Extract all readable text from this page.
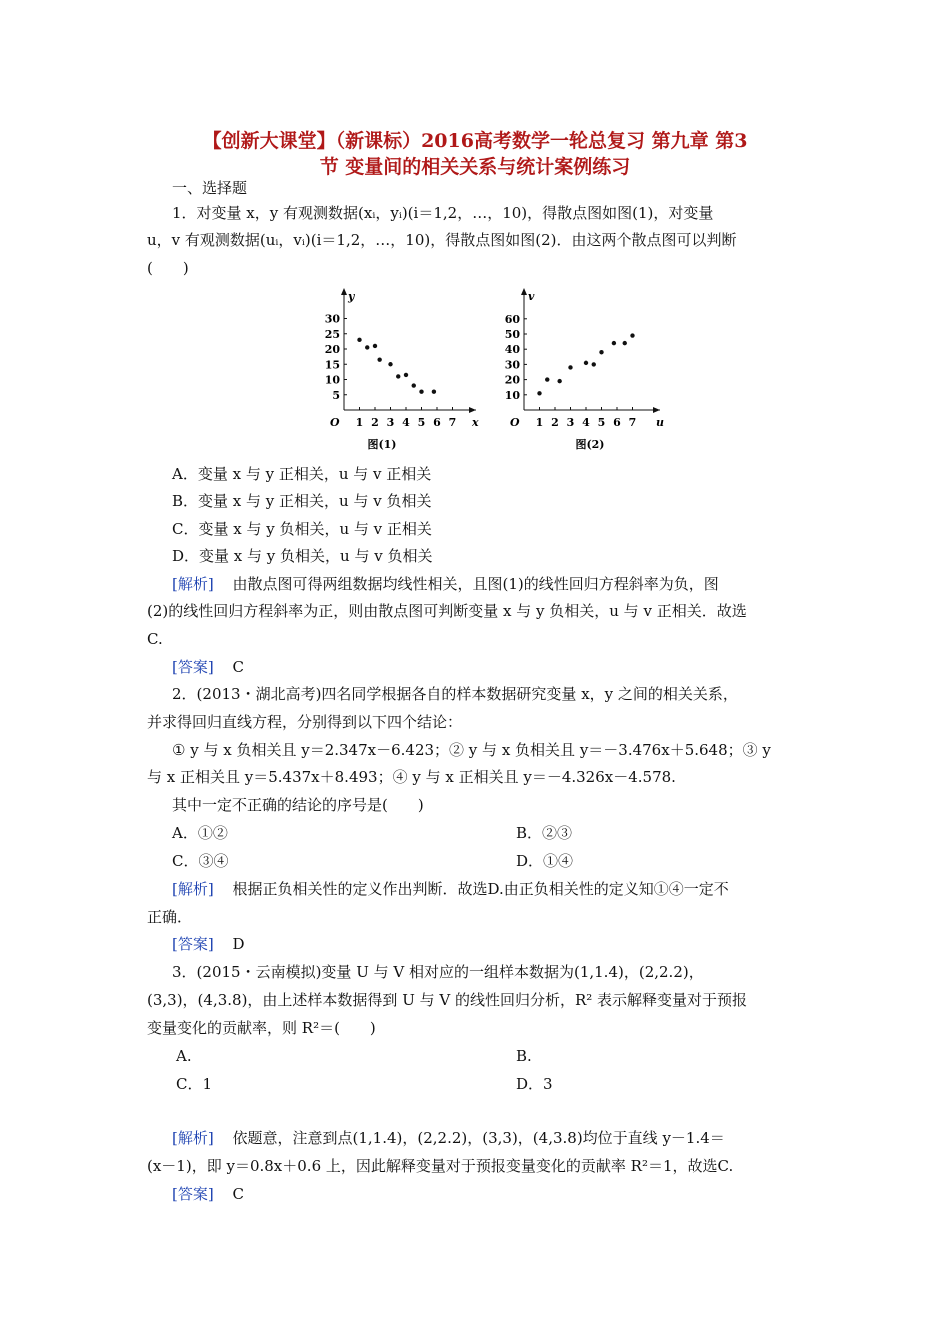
【创新大课堂】（新课标）2016高考数学一轮总复习 第九章 第3
节 变量间的相关关系与统计案例练习
一、选择题
1．对变量 x，y 有观测数据(xᵢ，yᵢ)(i＝1,2，…，10)，得散点图如图(1)，对变量
u，v 有观测数据(uᵢ，vᵢ)(i＝1,2，…，10)，得散点图如图(2)．由这两个散点图可以判断
(　　)
y
x
O 1 2 3 4 5 6 7
5
10
15
20
25
30
图(1)
v
u
O 1 2 3 4 5 6 7
10
20
30
40
50
60
图(2)
A．变量 x 与 y 正相关，u 与 v 正相关
B．变量 x 与 y 正相关，u 与 v 负相关
C．变量 x 与 y 负相关，u 与 v 正相关
D．变量 x 与 y 负相关，u 与 v 负相关
[解析] 由散点图可得两组数据均线性相关，且图(1)的线性回归方程斜率为负，图
(2)的线性回归方程斜率为正，则由散点图可判断变量 x 与 y 负相关，u 与 v 正相关．故选
C.
[答案] C
2．(2013・湖北高考)四名同学根据各自的样本数据研究变量 x，y 之间的相关关系，
并求得回归直线方程，分别得到以下四个结论：
① y 与 x 负相关且 y＝2.347x－6.423；② y 与 x 负相关且 y＝－3.476x＋5.648；③ y
与 x 正相关且 y＝5.437x＋8.493；④ y 与 x 正相关且 y＝－4.326x－4.578.
其中一定不正确的结论的序号是(　　)
A．①②	B．②③
C．③④	D．①④
[解析] 根据正负相关性的定义作出判断．故选D.由正负相关性的定义知①④一定不
正确．
[答案] D
3．(2015・云南模拟)变量 U 与 V 相对应的一组样本数据为(1,1.4)，(2,2.2)，
(3,3)，(4,3.8)，由上述样本数据得到 U 与 V 的线性回归分析，R² 表示解释变量对于预报
变量变化的贡献率，则 R²＝(　　)
A.	B.
C．1	D．3
[解析] 依题意，注意到点(1,1.4)，(2,2.2)，(3,3)，(4,3.8)均位于直线 y－1.4＝
(x－1)，即 y＝0.8x＋0.6 上，因此解释变量对于预报变量变化的贡献率 R²＝1，故选C.
[答案] C
